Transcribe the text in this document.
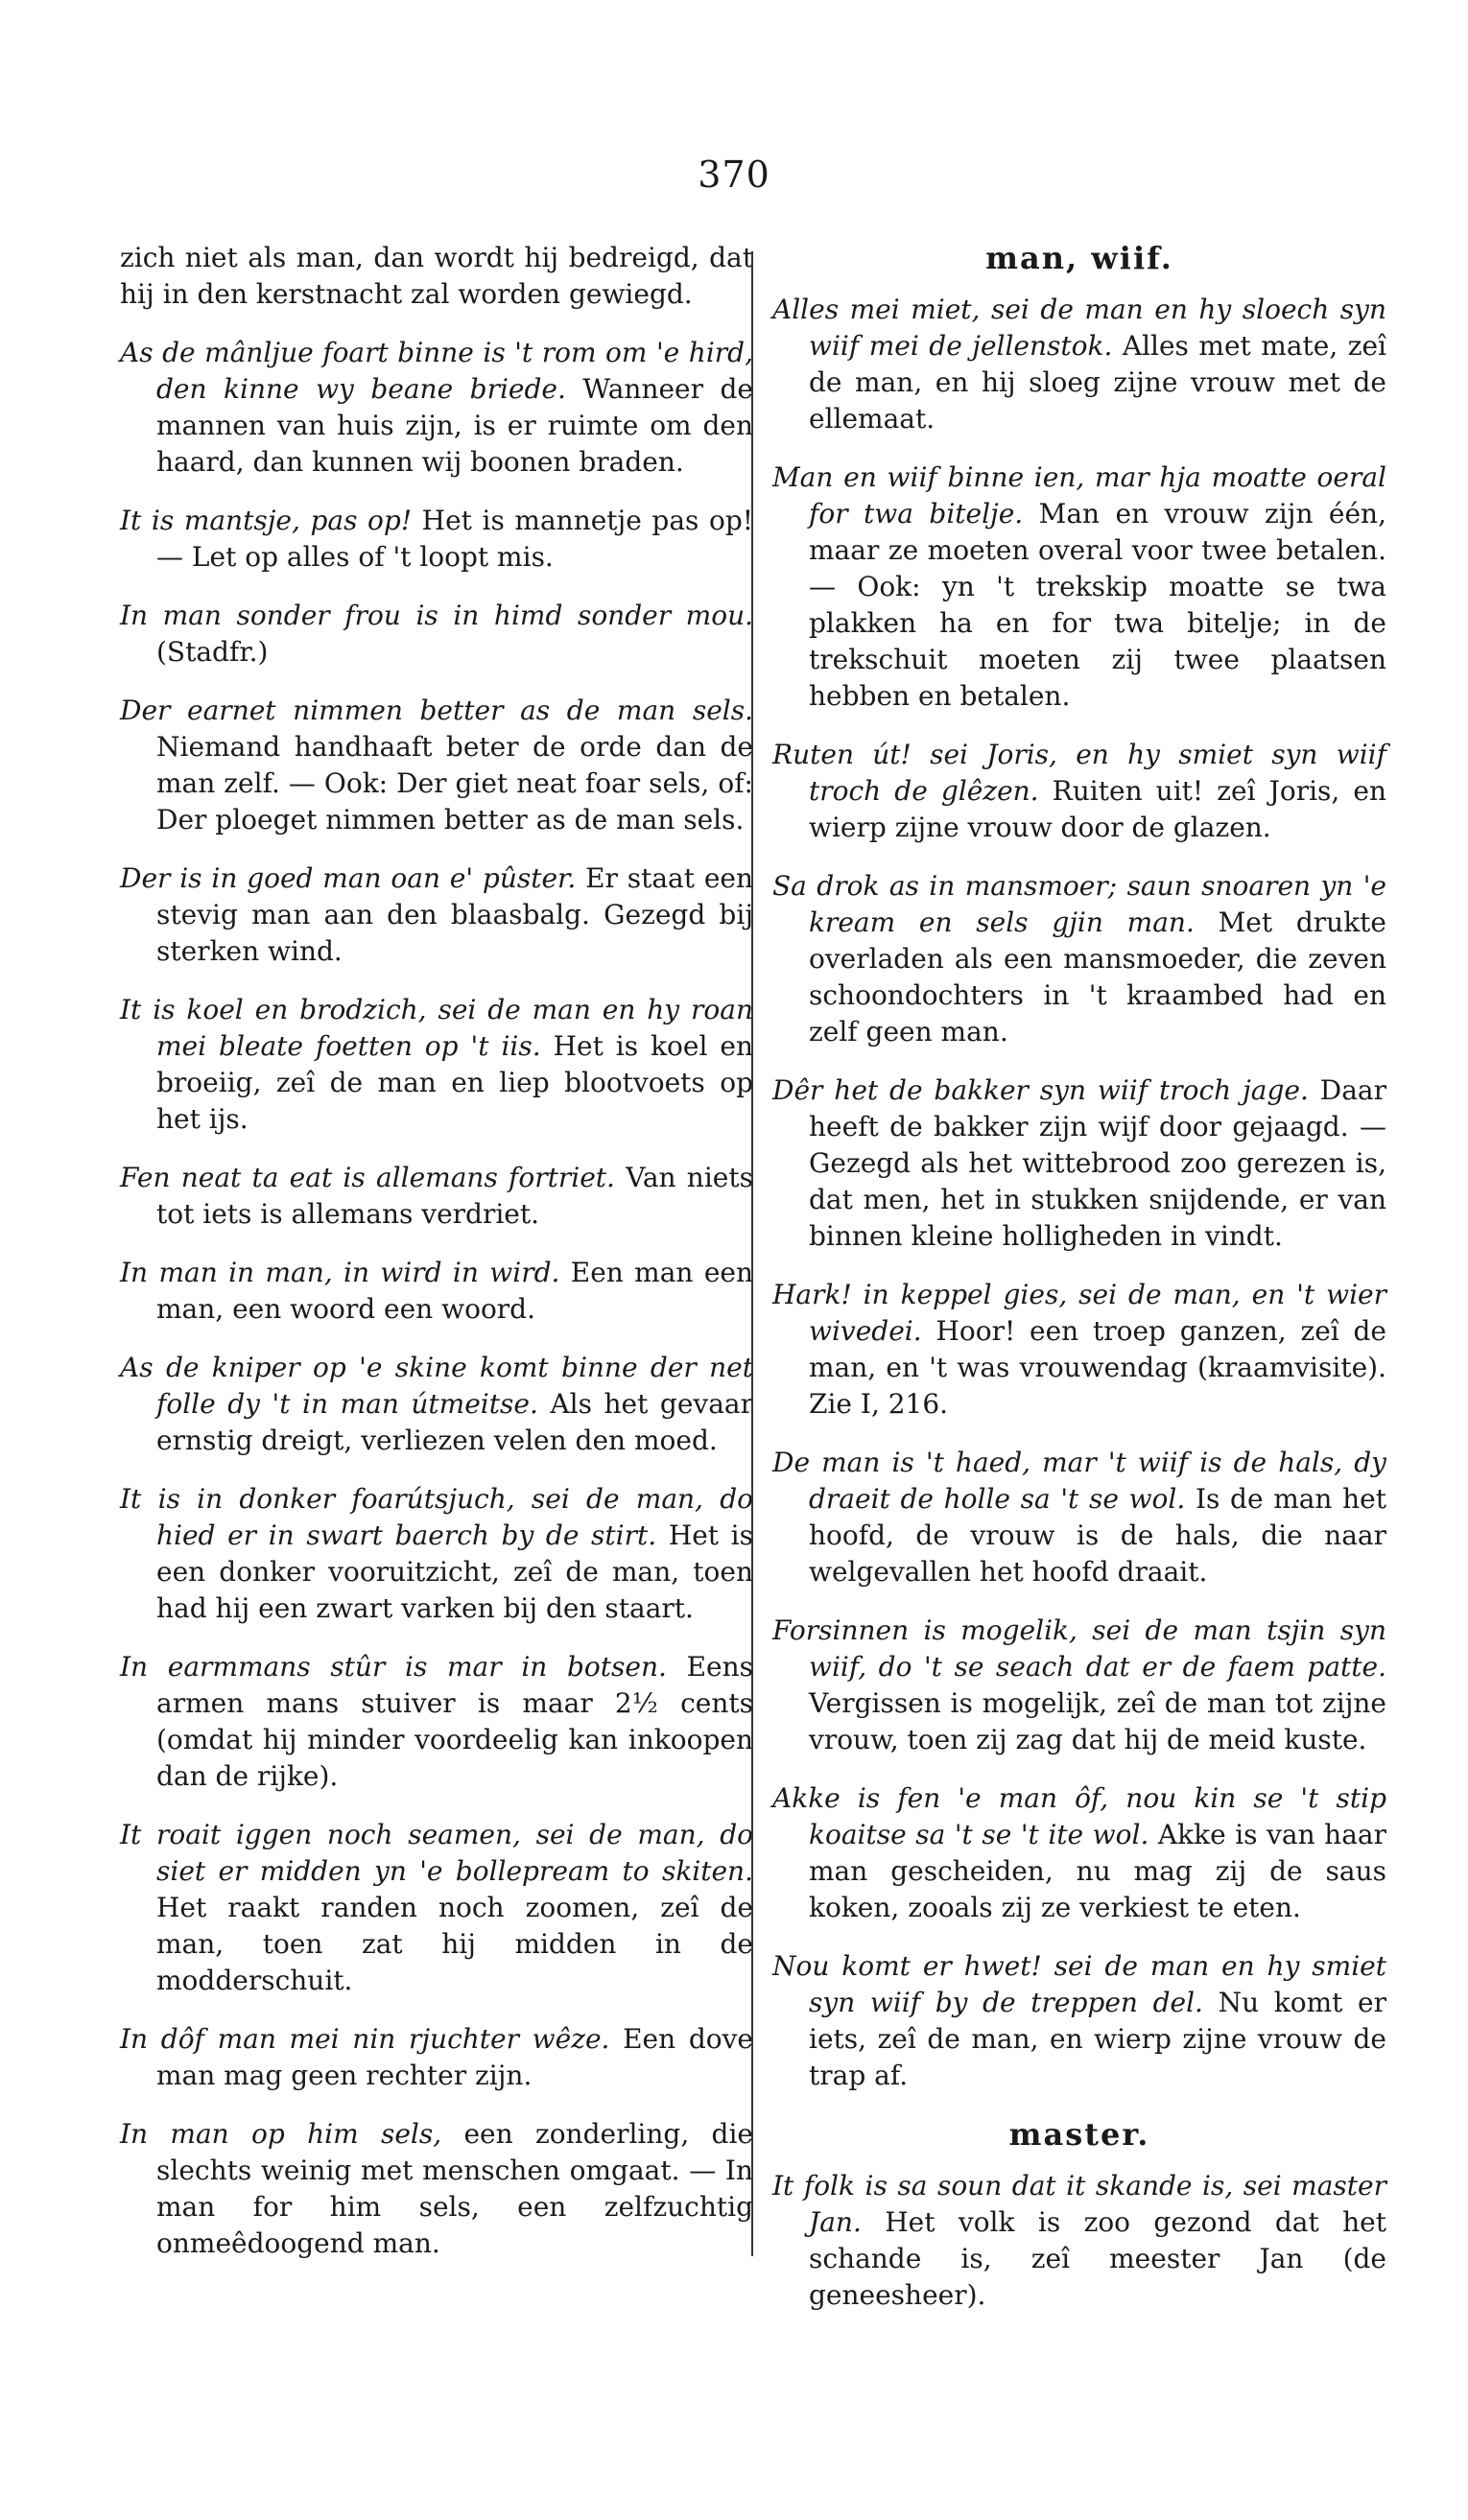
370

zich niet als man, dan wordt hij bedreigd, dat hij in den kerstnacht zal worden gewiegd.

As de mânljue foart binne is 't rom om 'e hird, den kinne wy beane briede. Wanneer de mannen van huis zijn, is er ruimte om den haard, dan kunnen wij boonen braden.

It is mantsje, pas op! Het is mannetje pas op! — Let op alles of 't loopt mis.

In man sonder frou is in himd sonder mou. (Stadfr.)

Der earnet nimmen better as de man sels. Niemand handhaaft beter de orde dan de man zelf. — Ook: Der giet neat foar sels, of: Der ploeget nimmen better as de man sels.

Der is in goed man oan e' pûster. Er staat een stevig man aan den blaasbalg. Gezegd bij sterken wind.

It is koel en brodzich, sei de man en hy roan mei bleate foetten op 't iis. Het is koel en broeiig, zeî de man en liep blootvoets op het ijs.

Fen neat ta eat is allemans fortriet. Van niets tot iets is allemans verdriet.

In man in man, in wird in wird. Een man een man, een woord een woord.

As de kniper op 'e skine komt binne der net folle dy 't in man útmeitse. Als het gevaar ernstig dreigt, verliezen velen den moed.

It is in donker foarútsjuch, sei de man, do hied er in swart baerch by de stirt. Het is een donker vooruitzicht, zeî de man, toen had hij een zwart varken bij den staart.

In earmmans stûr is mar in botsen. Eens armen mans stuiver is maar 2½ cents (omdat hij minder voordeelig kan inkoopen dan de rijke).

It roait iggen noch seamen, sei de man, do siet er midden yn 'e bollepream to skiten. Het raakt randen noch zoomen, zeî de man, toen zat hij midden in de modderschuit.

In dôf man mei nin rjuchter wêze. Een dove man mag geen rechter zijn.

In man op him sels, een zonderling, die slechts weinig met menschen omgaat. — In man for him sels, een zelfzuchtig onmeêdoogend man.

man, wiif.

Alles mei miet, sei de man en hy sloech syn wiif mei de jellenstok. Alles met mate, zeî de man, en hij sloeg zijne vrouw met de ellemaat.

Man en wiif binne ien, mar hja moatte oeral for twa bitelje. Man en vrouw zijn één, maar ze moeten overal voor twee betalen. — Ook: yn 't trekskip moatte se twa plakken ha en for twa bitelje; in de trekschuit moeten zij twee plaatsen hebben en betalen.

Ruten út! sei Joris, en hy smiet syn wiif troch de glêzen. Ruiten uit! zeî Joris, en wierp zijne vrouw door de glazen.

Sa drok as in mansmoer; saun snoaren yn 'e kream en sels gjin man. Met drukte overladen als een mansmoeder, die zeven schoondochters in 't kraambed had en zelf geen man.

Dêr het de bakker syn wiif troch jage. Daar heeft de bakker zijn wijf door gejaagd. — Gezegd als het wittebrood zoo gerezen is, dat men, het in stukken snijdende, er van binnen kleine holligheden in vindt.

Hark! in keppel gies, sei de man, en 't wier wivedei. Hoor! een troep ganzen, zeî de man, en 't was vrouwendag (kraamvisite). Zie I, 216.

De man is 't haed, mar 't wiif is de hals, dy draeit de holle sa 't se wol. Is de man het hoofd, de vrouw is de hals, die naar welgevallen het hoofd draait.

Forsinnen is mogelik, sei de man tsjin syn wiif, do 't se seach dat er de faem patte. Vergissen is mogelijk, zeî de man tot zijne vrouw, toen zij zag dat hij de meid kuste.

Akke is fen 'e man ôf, nou kin se 't stip koaitse sa 't se 't ite wol. Akke is van haar man gescheiden, nu mag zij de saus koken, zooals zij ze verkiest te eten.

Nou komt er hwet! sei de man en hy smiet syn wiif by de treppen del. Nu komt er iets, zeî de man, en wierp zijne vrouw de trap af.

master.

It folk is sa soun dat it skande is, sei master Jan. Het volk is zoo gezond dat het schande is, zeî meester Jan (de geneesheer).
